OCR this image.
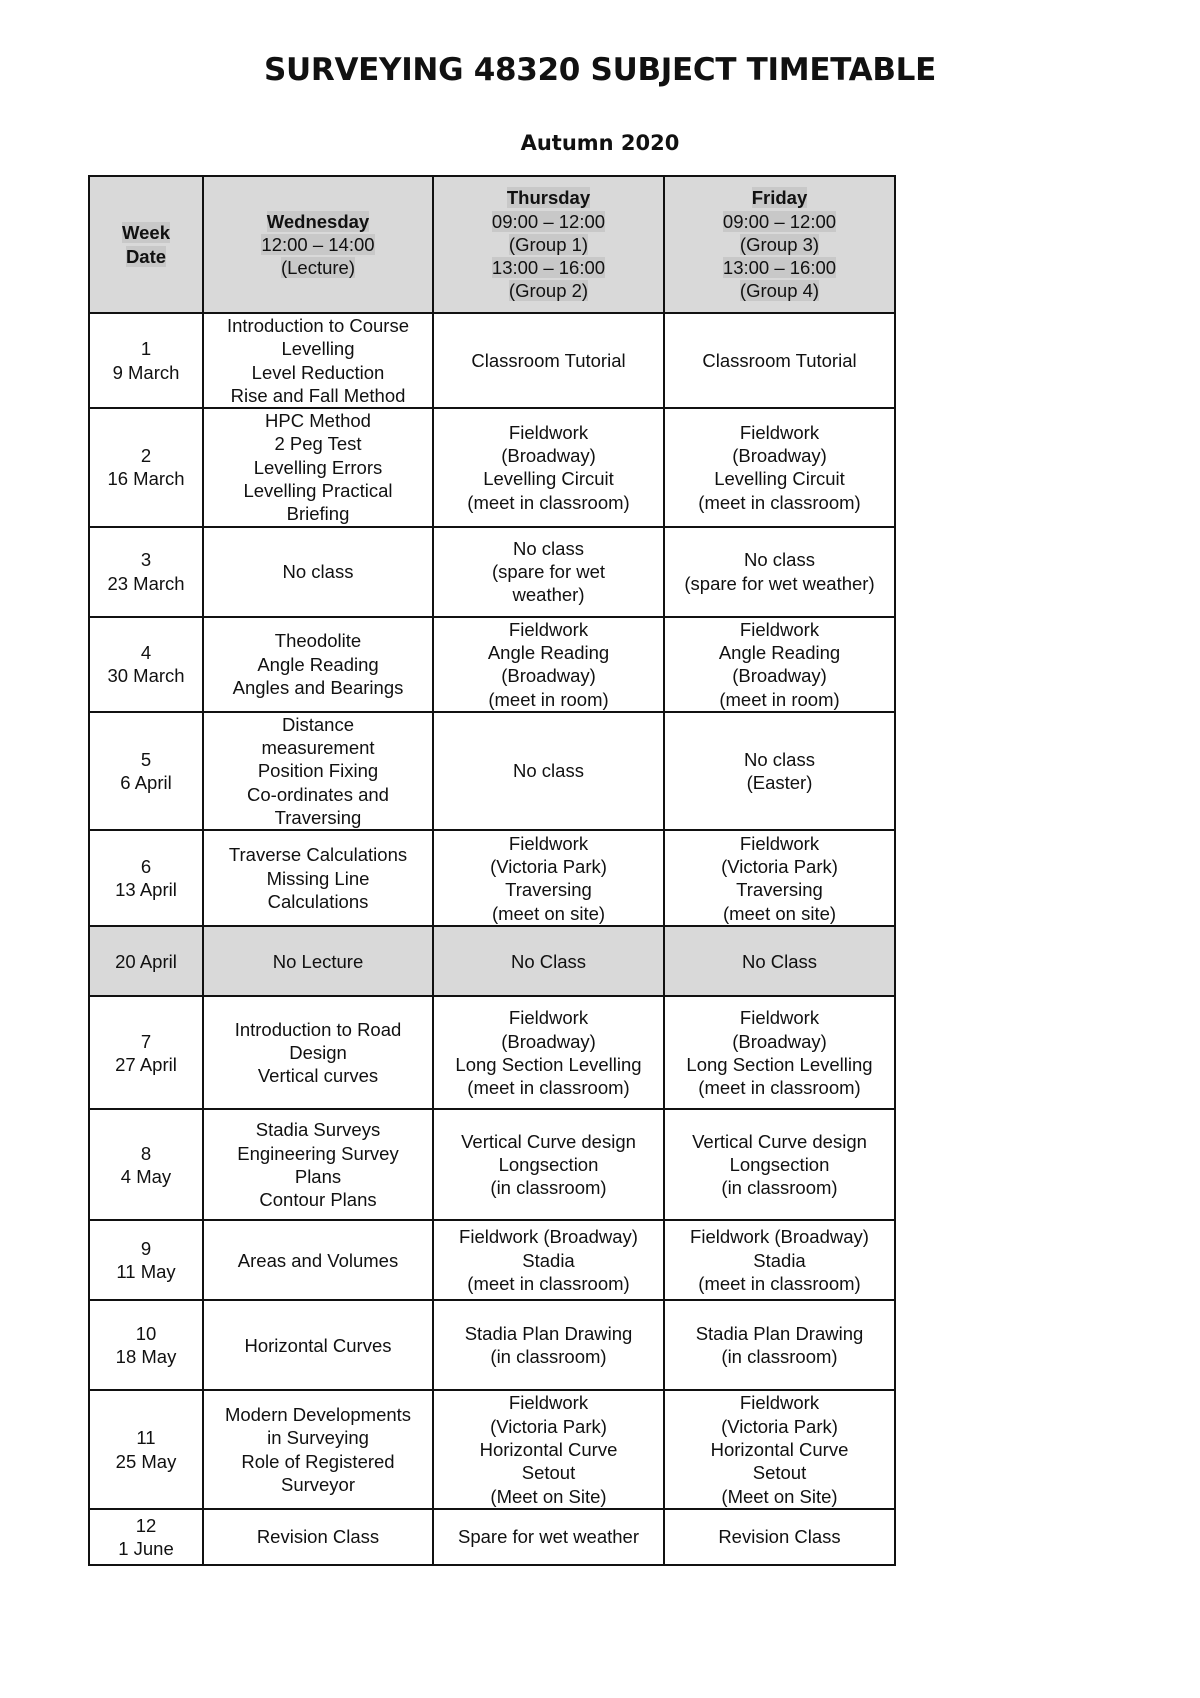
SURVEYING 48320 SUBJECT TIMETABLE
Autumn 2020
Week
Date	Wednesday
12:00 – 14:00
(Lecture)	Thursday
09:00 – 12:00
(Group 1)
13:00 – 16:00
(Group 2)	Friday
09:00 – 12:00
(Group 3)
13:00 – 16:00
(Group 4)

1
9 March	Introduction to Course
Levelling
Level Reduction
Rise and Fall Method	Classroom Tutorial	Classroom Tutorial

2
16 March	HPC Method
2 Peg Test
Levelling Errors
Levelling Practical
Briefing	Fieldwork
(Broadway)
Levelling Circuit
(meet in classroom)	Fieldwork
(Broadway)
Levelling Circuit
(meet in classroom)

3
23 March	No class	No class
(spare for wet
weather)	No class
(spare for wet weather)

4
30 March	Theodolite
Angle Reading
Angles and Bearings	Fieldwork
Angle Reading
(Broadway)
(meet in room)	Fieldwork
Angle Reading
(Broadway)
(meet in room)

5
6 April	Distance
measurement
Position Fixing
Co-ordinates and
Traversing	No class	No class
(Easter)

6
13 April	Traverse Calculations
Missing Line
Calculations	Fieldwork
(Victoria Park)
Traversing
(meet on site)	Fieldwork
(Victoria Park)
Traversing
(meet on site)

20 April	No Lecture	No Class	No Class

7
27 April	Introduction to Road
Design
Vertical curves	Fieldwork
(Broadway)
Long Section Levelling
(meet in classroom)	Fieldwork
(Broadway)
Long Section Levelling
(meet in classroom)

8
4 May	Stadia Surveys
Engineering Survey
Plans
Contour Plans	Vertical Curve design
Longsection
(in classroom)	Vertical Curve design
Longsection
(in classroom)

9
11 May	Areas and Volumes	Fieldwork (Broadway)
Stadia
(meet in classroom)	Fieldwork (Broadway)
Stadia
(meet in classroom)

10
18 May	Horizontal Curves	Stadia Plan Drawing
(in classroom)	Stadia Plan Drawing
(in classroom)

11
25 May	Modern Developments
in Surveying
Role of Registered
Surveyor	Fieldwork
(Victoria Park)
Horizontal Curve
Setout
(Meet on Site)	Fieldwork
(Victoria Park)
Horizontal Curve
Setout
(Meet on Site)

12
1 June	Revision Class	Spare for wet weather	Revision Class
